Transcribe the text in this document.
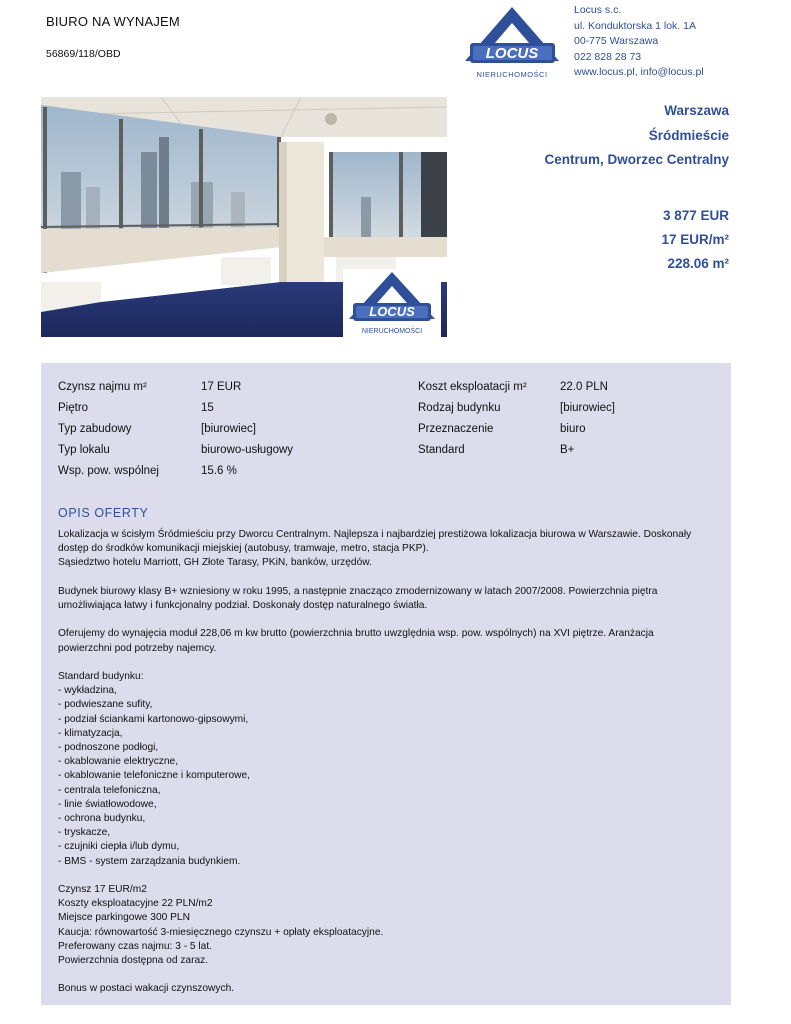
BIURO NA WYNAJEM
56869/118/OBD	LOCUS
NIERUCHOMOŚCI
Locus s.c.
ul. Konduktorska 1 lok. 1A
00-775 Warszawa
022 828 28 73
www.locus.pl, info@locus.pl
LOCUS
NIERUCHOMOŚCI
Warszawa
Śródmieście
Centrum, Dworzec Centralny
3 877 EUR
17 EUR/m²
228.06 m²
Czynsz najmu m²
Piętro
Typ zabudowy
Typ lokalu
Wsp. pow. wspólnej
17 EUR
15
[biurowiec]
biurowo-usługowy
15.6 %
Koszt eksploatacji m²
Rodzaj budynku
Przeznaczenie
Standard
22.0 PLN
[biurowiec]
biuro
B+
OPIS OFERTY

Lokalizacja w ścisłym Śródmieściu przy Dworcu Centralnym. Najlepsza i najbardziej prestiżowa lokalizacja biurowa w Warszawie. Doskonały
dostęp do środków komunikacji miejskiej (autobusy, tramwaje, metro, stacja PKP).
Sąsiedztwo hotelu Marriott, GH Złote Tarasy, PKiN, banków, urzędów.

Budynek biurowy klasy B+ wzniesiony w roku 1995, a następnie znacząco zmodernizowany w latach 2007/2008. Powierzchnia piętra
umożliwiająca łatwy i funkcjonalny podział. Doskonały dostęp naturalnego światła.

Oferujemy do wynajęcia moduł 228,06 m kw brutto (powierzchnia brutto uwzględnia wsp. pow. wspólnych) na XVI piętrze. Aranżacja
powierzchni pod potrzeby najemcy.

Standard budynku:
- wykładzina,
- podwieszane sufity,
- podział ściankami kartonowo-gipsowymi,
- klimatyzacja,
- podnoszone podłogi,
- okablowanie elektryczne,
- okablowanie telefoniczne i komputerowe,
- centrala telefoniczna,
- linie światłowodowe,
- ochrona budynku,
- tryskacze,
- czujniki ciepła i/lub dymu,
- BMS - system zarządzania budynkiem.

Czynsz 17 EUR/m2
Koszty eksploatacyjne 22 PLN/m2
Miejsce parkingowe 300 PLN
Kaucja: równowartość 3-miesięcznego czynszu + opłaty eksploatacyjne.
Preferowany czas najmu: 3 - 5 lat.
Powierzchnia dostępna od zaraz.

Bonus w postaci wakacji czynszowych.
